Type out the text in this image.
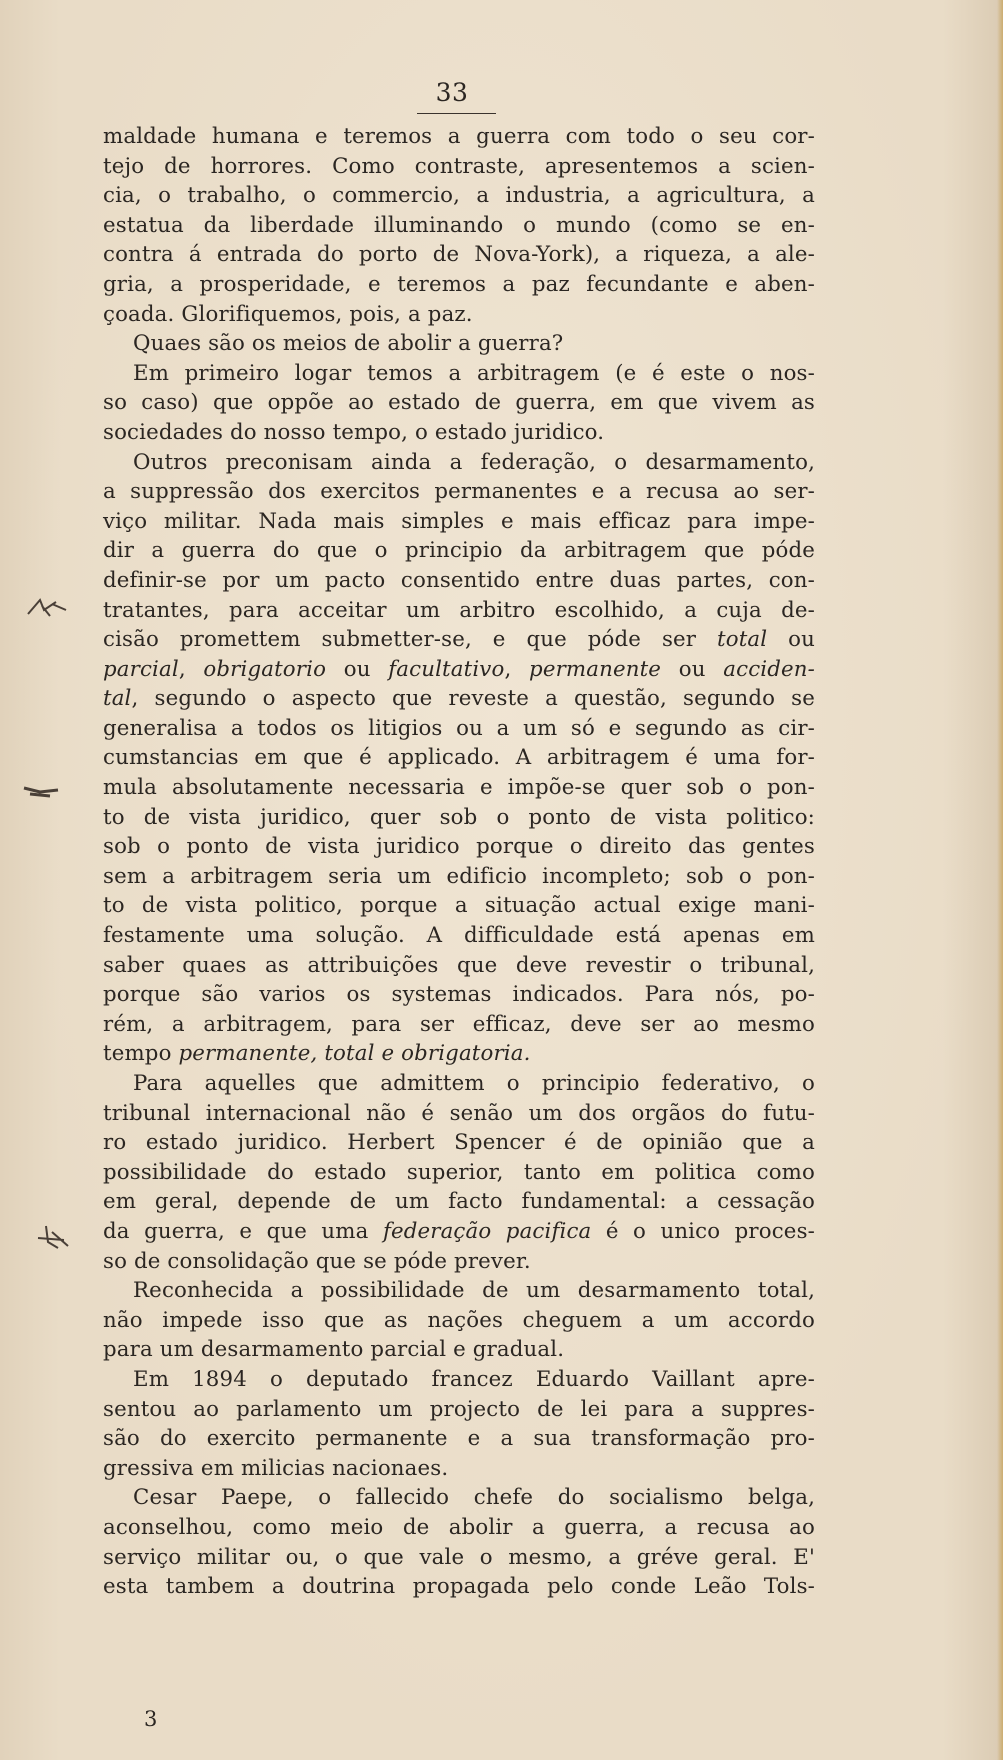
33
maldade humana e teremos a guerra com todo o seu cor-
tejo de horrores. Como contraste, apresentemos a scien-
cia, o trabalho, o commercio, a industria, a agricultura, a
estatua da liberdade illuminando o mundo (como se en-
contra á entrada do porto de Nova-York), a riqueza, a ale-
gria, a prosperidade, e teremos a paz fecundante e aben-
çoada. Glorifiquemos, pois, a paz.
Quaes são os meios de abolir a guerra?
Em primeiro logar temos a arbitragem (e é este o nos-
so caso) que oppõe ao estado de guerra, em que vivem as
sociedades do nosso tempo, o estado juridico.
Outros preconisam ainda a federação, o desarmamento,
a suppressão dos exercitos permanentes e a recusa ao ser-
viço militar. Nada mais simples e mais efficaz para impe-
dir a guerra do que o principio da arbitragem que póde
definir-se por um pacto consentido entre duas partes, con-
tratantes, para acceitar um arbitro escolhido, a cuja de-
cisão promettem submetter-se, e que póde ser total ou
parcial, obrigatorio ou facultativo, permanente ou acciden-
tal, segundo o aspecto que reveste a questão, segundo se
generalisa a todos os litigios ou a um só e segundo as cir-
cumstancias em que é applicado. A arbitragem é uma for-
mula absolutamente necessaria e impõe-se quer sob o pon-
to de vista juridico, quer sob o ponto de vista politico:
sob o ponto de vista juridico porque o direito das gentes
sem a arbitragem seria um edificio incompleto; sob o pon-
to de vista politico, porque a situação actual exige mani-
festamente uma solução. A difficuldade está apenas em
saber quaes as attribuições que deve revestir o tribunal,
porque são varios os systemas indicados. Para nós, po-
rém, a arbitragem, para ser efficaz, deve ser ao mesmo
tempo permanente, total e obrigatoria.
Para aquelles que admittem o principio federativo, o
tribunal internacional não é senão um dos orgãos do futu-
ro estado juridico. Herbert Spencer é de opinião que a
possibilidade do estado superior, tanto em politica como
em geral, depende de um facto fundamental: a cessação
da guerra, e que uma federação pacifica é o unico proces-
so de consolidação que se póde prever.
Reconhecida a possibilidade de um desarmamento total,
não impede isso que as nações cheguem a um accordo
para um desarmamento parcial e gradual.
Em 1894 o deputado francez Eduardo Vaillant apre-
sentou ao parlamento um projecto de lei para a suppres-
são do exercito permanente e a sua transformação pro-
gressiva em milicias nacionaes.
Cesar Paepe, o fallecido chefe do socialismo belga,
aconselhou, como meio de abolir a guerra, a recusa ao
serviço militar ou, o que vale o mesmo, a gréve geral. E'
esta tambem a doutrina propagada pelo conde Leão Tols-
3
